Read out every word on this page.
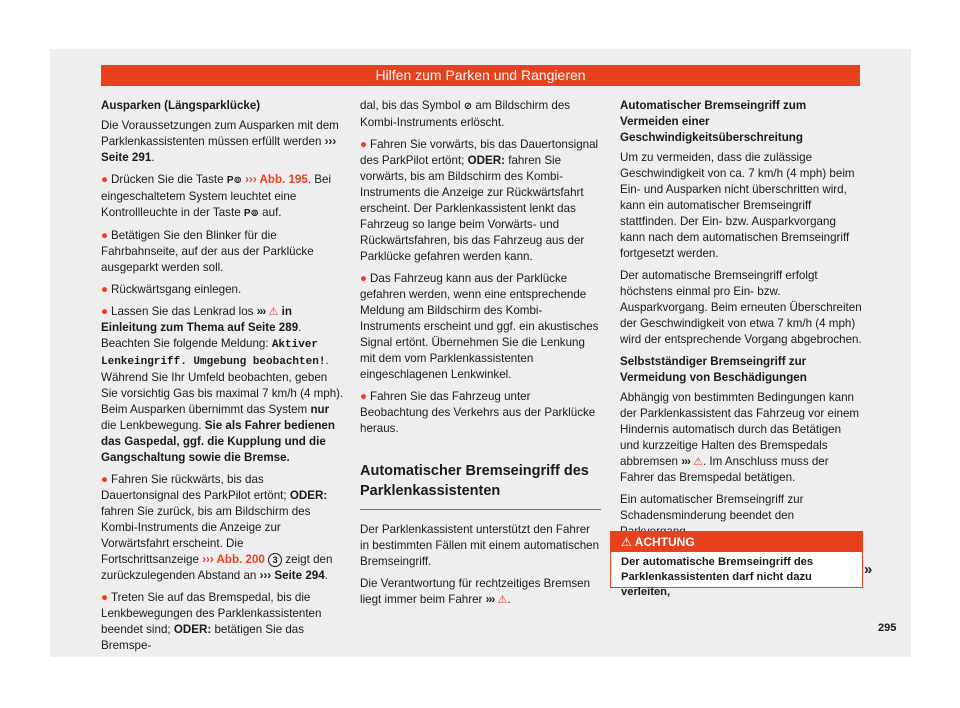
Hilfen zum Parken und Rangieren

Ausparken (Längsparklücke)

Die Voraussetzungen zum Ausparken mit dem Parklenkassistenten müssen erfüllt werden ››› Seite 291.

● Drücken Sie die Taste P⊚ ››› Abb. 195. Bei eingeschaltetem System leuchtet eine Kontrollleuchte in der Taste P⊚ auf.

● Betätigen Sie den Blinker für die Fahrbahnseite, auf der aus der Parklücke ausgeparkt werden soll.

● Rückwärtsgang einlegen.

● Lassen Sie das Lenkrad los ››› ⚠ in Einleitung zum Thema auf Seite 289. Beachten Sie folgende Meldung: Aktiver Lenkeingriff. Umgebung beobachten!. Während Sie Ihr Umfeld beobachten, geben Sie vorsichtig Gas bis maximal 7 km/h (4 mph). Beim Ausparken übernimmt das System nur die Lenkbewegung. Sie als Fahrer bedienen das Gaspedal, ggf. die Kupplung und die Gangschaltung sowie die Bremse.

● Fahren Sie rückwärts, bis das Dauertonsignal des ParkPilot ertönt; ODER: fahren Sie zurück, bis am Bildschirm des Kombi-Instruments die Anzeige zur Vorwärtsfahrt erscheint. Die Fortschrittsanzeige ››› Abb. 200 3 zeigt den zurückzulegenden Abstand an ››› Seite 294.

● Treten Sie auf das Bremspedal, bis die Lenkbewegungen des Parklenkassistenten beendet sind; ODER: betätigen Sie das Bremspe-

dal, bis das Symbol ⊘ am Bildschirm des Kombi-Instruments erlöscht.

● Fahren Sie vorwärts, bis das Dauertonsignal des ParkPilot ertönt; ODER: fahren Sie vorwärts, bis am Bildschirm des Kombi-Instruments die Anzeige zur Rückwärtsfahrt erscheint. Der Parklenkassistent lenkt das Fahrzeug so lange beim Vorwärts- und Rückwärtsfahren, bis das Fahrzeug aus der Parklücke gefahren werden kann.

● Das Fahrzeug kann aus der Parklücke gefahren werden, wenn eine entsprechende Meldung am Bildschirm des Kombi-Instruments erscheint und ggf. ein akustisches Signal ertönt. Übernehmen Sie die Lenkung mit dem vom Parklenkassistenten eingeschlagenen Lenkwinkel.

● Fahren Sie das Fahrzeug unter Beobachtung des Verkehrs aus der Parklücke heraus.

Automatischer Bremseingriff des Parklenkassistenten

Der Parklenkassistent unterstützt den Fahrer in bestimmten Fällen mit einem automatischen Bremseingriff.

Die Verantwortung für rechtzeitiges Bremsen liegt immer beim Fahrer ››› ⚠.

Automatischer Bremseingriff zum Vermeiden einer Geschwindigkeitsüberschreitung

Um zu vermeiden, dass die zulässige Geschwindigkeit von ca. 7 km/h (4 mph) beim Ein- und Ausparken nicht überschritten wird, kann ein automatischer Bremseingriff stattfinden. Der Ein- bzw. Ausparkvorgang kann nach dem automatischen Bremseingriff fortgesetzt werden.

Der automatische Bremseingriff erfolgt höchstens einmal pro Ein- bzw. Ausparkvorgang. Beim erneuten Überschreiten der Geschwindigkeit von etwa 7 km/h (4 mph) wird der entsprechende Vorgang abgebrochen.

Selbstständiger Bremseingriff zur Vermeidung von Beschädigungen

Abhängig von bestimmten Bedingungen kann der Parklenkassistent das Fahrzeug vor einem Hindernis automatisch durch das Betätigen und kurzzeitige Halten des Bremspedals abbremsen ››› ⚠. Im Anschluss muss der Fahrer das Bremspedal betätigen.

Ein automatischer Bremseingriff zur Schadensminderung beendet den

⚠ ACHTUNG
Der automatische Bremseingriff des Parklenkassistenten darf nicht dazu verleiten,
»
295
